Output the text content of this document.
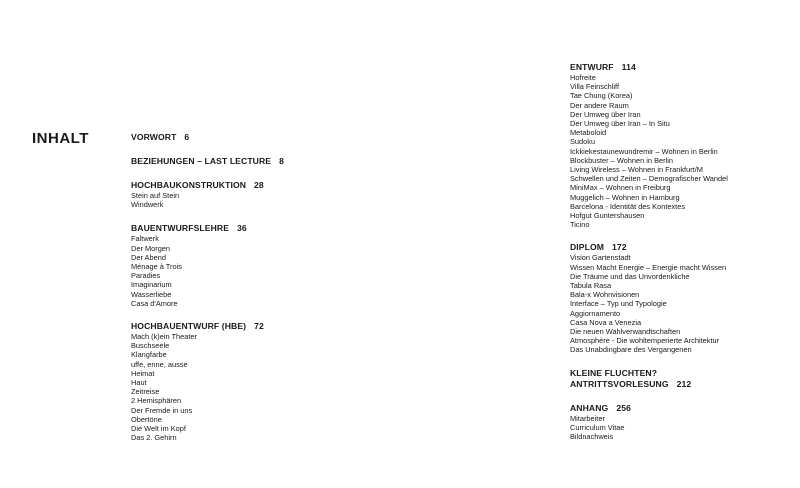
INHALT	VORWORT 6
BEZIEHUNGEN – LAST LECTURE 8
HOCHBAUKONSTRUKTION 28
Stein auf Stein
Windwerk
BAUENTWURFSLEHRE 36
Faltwerk
Der Morgen
Der Abend
Ménage à Trois
Paradies
Imaginarium
Wasserliebe
Casa d'Amore
HOCHBAUENTWURF (HBE) 72
Mach (k)ein Theater
Buschseele
Klangfarbe
uffe, enne, ausse
Heimat
Haut
Zeitreise
2 Hemisphären
Der Fremde in uns
Obertöne
Die Welt im Kopf
Das 2. Gehirn
ENTWURF 114
Hofreite
Villa Feinschliff
Tae Chung (Korea)
Der andere Raum
Der Umweg über Iran
Der Umweg über Iran – In Situ
Metaboloid
Sudoku
Ickkiekestaunewundremir – Wohnen in Berlin
Blockbuster – Wohnen in Berlin
Living Wireless – Wohnen in Frankfurt/M
Schwellen und Zeiten – Demografischer Wandel
MiniMax – Wohnen in Freiburg
Muggelich – Wohnen in Hamburg
Barcelona - Identität des Kontextes
Hofgut Guntershausen
Ticino
DIPLOM 172
Vision Gartenstadt
Wissen Macht Energie – Energie macht Wissen
Die Träume und das Unvordenkliche
Tabula Rasa
Bala-x Wohnvisionen
Interface – Typ und Typologie
Aggiornamento
Casa Nova a Venezia
Die neuen Wahlverwandtschaften
Atmosphère - Die wohltemperierte Architektur
Das Unabdingbare des Vergangenen
KLEINE FLUCHTEN?
ANTRITTSVORLESUNG 212
ANHANG 256
Mitarbeiter
Curriculum Vitae
Bildnachweis
